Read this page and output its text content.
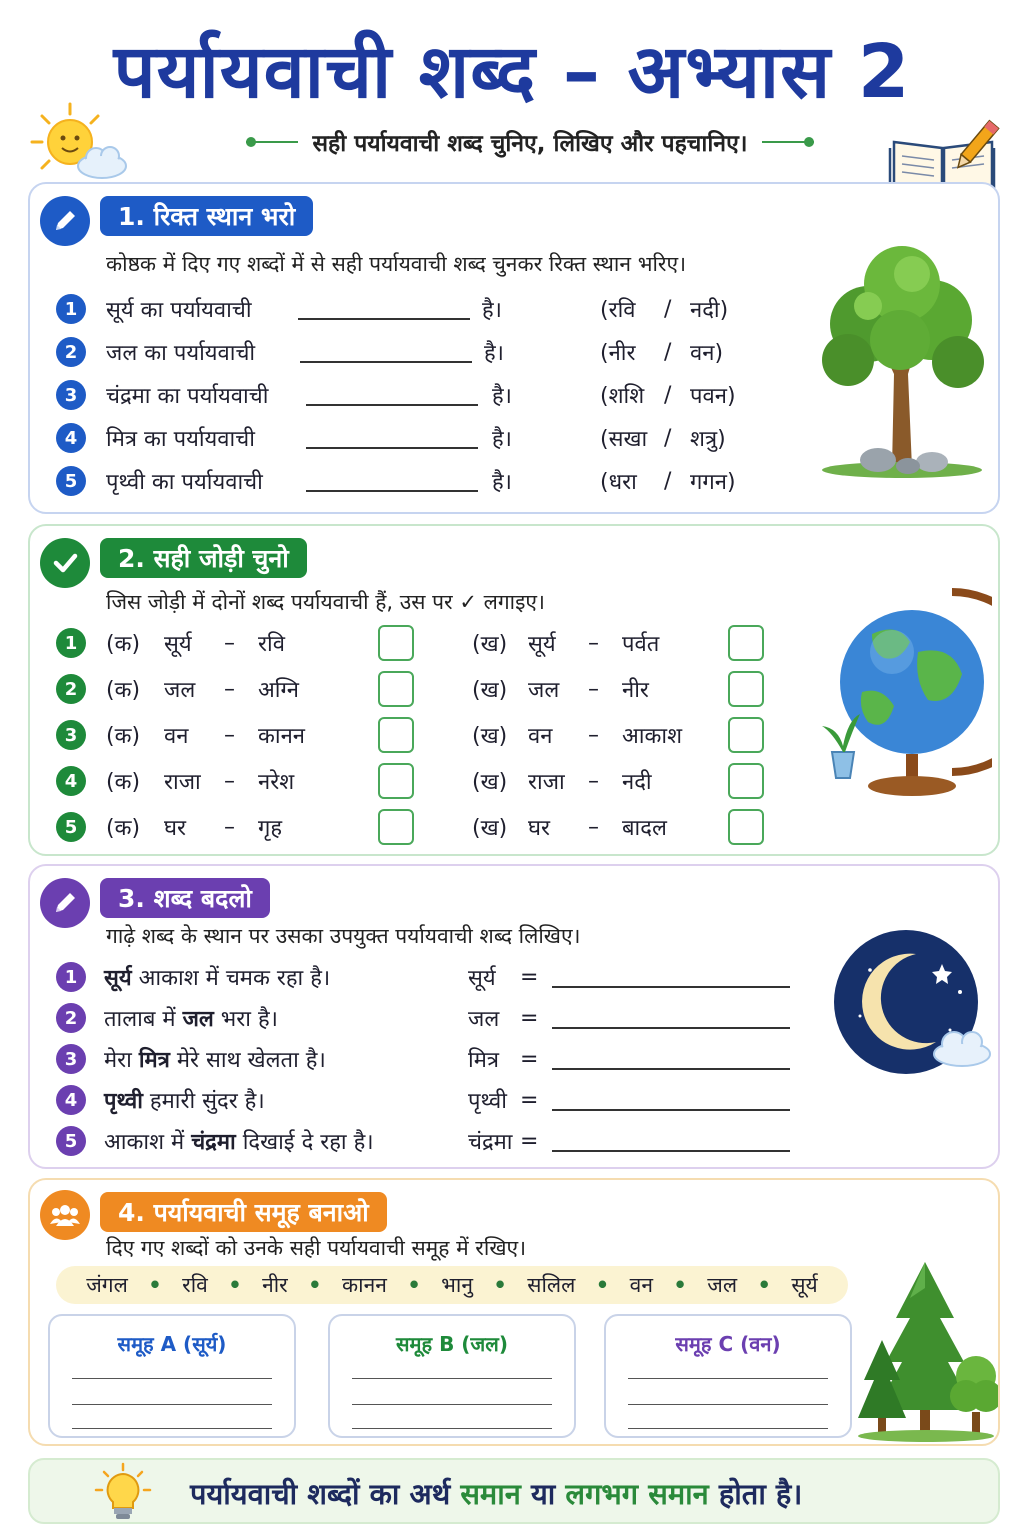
पर्यायवाची शब्द – अभ्यास 2
सही पर्यायवाची शब्द चुनिए, लिखिए और पहचानिए।
1. रिक्त स्थान भरो
कोष्ठक में दिए गए शब्दों में से सही पर्यायवाची शब्द चुनकर रिक्त स्थान भरिए।
1	सूर्य का पर्यायवाची	है।	(रवि	/ नदी)
2	जल का पर्यायवाची	है।	(नीर	/ वन)
3	चंद्रमा का पर्यायवाची	है।	(शशि / पवन)
4	मित्र का पर्यायवाची	है।	(सखा / शत्रु)
5	पृथ्वी का पर्यायवाची	है।	(धरा	/ गगन)
2. सही जोड़ी चुनो
जिस जोड़ी में दोनों शब्द पर्यायवाची हैं, उस पर ✓ लगाइए।
1	(क)	सूर्य	–	रवि	(ख) सूर्य	–	पर्वत
2	(क)	जल	–	अग्नि	(ख) जल	–	नीर
3	(क)	वन	–	कानन	(ख) वन	–	आकाश
4	(क)	राजा	–	नरेश	(ख) राजा	–	नदी
5	(क)	घर	–	गृह	(ख) घर	–	बादल
3. शब्द बदलो
गाढ़े शब्द के स्थान पर उसका उपयुक्त पर्यायवाची शब्द लिखिए।
1	सूर्य आकाश में चमक रहा है।	सूर्य	=
2	तालाब में जल भरा है।	जल =
3	मेरा मित्र मेरे साथ खेलता है।	मित्र =
4	पृथ्वी हमारी सुंदर है।	पृथ्वी =
5	आकाश में चंद्रमा दिखाई दे रहा है।	चंद्रमा =
4. पर्यायवाची समूह बनाओ
दिए गए शब्दों को उनके सही पर्यायवाची समूह में रखिए।
जंगल • रवि • नीर • कानन • भानु • सलिल • वन • जल • सूर्य
समूह A (सूर्य)	समूह B (जल)	समूह C (वन)
पर्यायवाची शब्दों का अर्थ समान या लगभग समान होता है।
